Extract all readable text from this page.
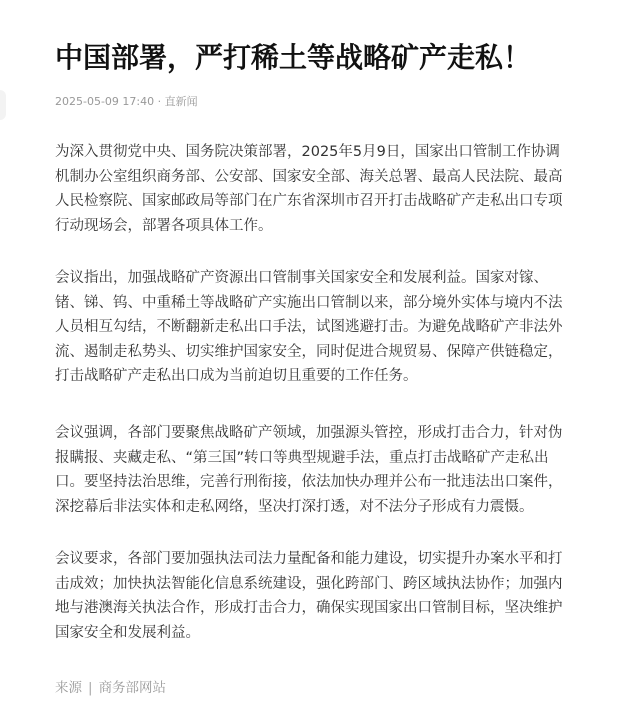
中国部署，严打稀土等战略矿产走私！
2025-05-09 17:40 · 直新闻

为深入贯彻党中央、国务院决策部署，2025年5月9日，国家出口管制工作协调
机制办公室组织商务部、公安部、国家安全部、海关总署、最高人民法院、最高
人民检察院、国家邮政局等部门在广东省深圳市召开打击战略矿产走私出口专项
行动现场会，部署各项具体工作。

会议指出，加强战略矿产资源出口管制事关国家安全和发展利益。国家对镓、
锗、锑、钨、中重稀土等战略矿产实施出口管制以来，部分境外实体与境内不法
人员相互勾结，不断翻新走私出口手法，试图逃避打击。为避免战略矿产非法外
流、遏制走私势头、切实维护国家安全，同时促进合规贸易、保障产供链稳定，
打击战略矿产走私出口成为当前迫切且重要的工作任务。

会议强调，各部门要聚焦战略矿产领域，加强源头管控，形成打击合力，针对伪
报瞒报、夹藏走私、“第三国”转口等典型规避手法，重点打击战略矿产走私出
口。要坚持法治思维，完善行刑衔接，依法加快办理并公布一批违法出口案件，
深挖幕后非法实体和走私网络，坚决打深打透，对不法分子形成有力震慑。

会议要求，各部门要加强执法司法力量配备和能力建设，切实提升办案水平和打
击成效；加快执法智能化信息系统建设，强化跨部门、跨区域执法协作；加强内
地与港澳海关执法合作，形成打击合力，确保实现国家出口管制目标，坚决维护
国家安全和发展利益。

来源 | 商务部网站
